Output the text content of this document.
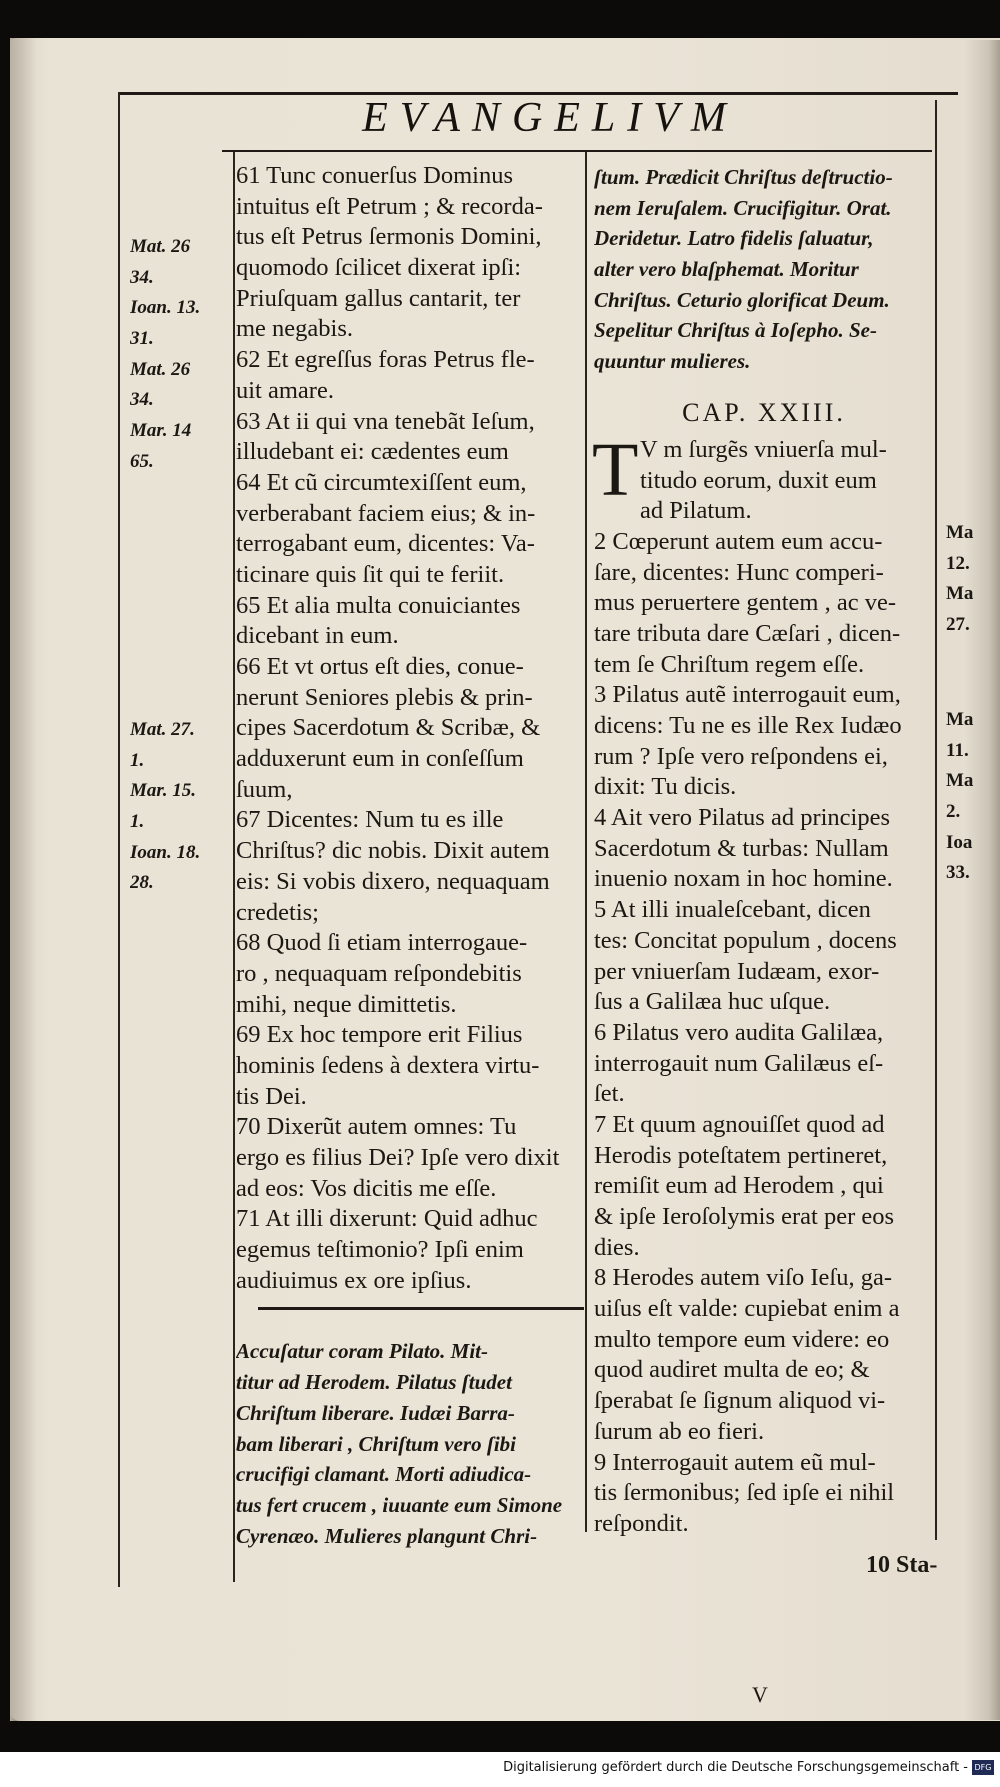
EVANGELIVM
61 Tunc conuerſus Dominus
intuitus eſt Petrum ; & recorda-
tus eſt Petrus ſermonis Domini,
quomodo ſcilicet dixerat ipſi:
Priuſquam gallus cantarit, ter
me negabis.
62 Et egreſſus foras Petrus fle-
uit amare.
63 At ii qui vna tenebãt Ieſum,
illudebant ei: cædentes eum
64 Et cũ circumtexiſſent eum,
verberabant faciem eius; & in-
terrogabant eum, dicentes: Va-
ticinare quis ſit qui te feriit.
65 Et alia multa conuiciantes
dicebant in eum.
66 Et vt ortus eſt dies, conue-
nerunt Seniores plebis & prin-
cipes Sacerdotum & Scribæ, &
adduxerunt eum in conſeſſum
ſuum,
67 Dicentes: Num tu es ille
Chriſtus? dic nobis. Dixit autem
eis: Si vobis dixero, nequaquam
credetis;
68 Quod ſi etiam interrogaue-
ro , nequaquam reſpondebitis
mihi, neque dimittetis.
69 Ex hoc tempore erit Filius
hominis ſedens à dextera virtu-
tis Dei.
70 Dixerũt autem omnes: Tu
ergo es filius Dei? Ipſe vero dixit
ad eos: Vos dicitis me eſſe.
71 At illi dixerunt: Quid adhuc
egemus teſtimonio? Ipſi enim
audiuimus ex ore ipſius.
Accuſatur coram Pilato. Mit-
titur ad Herodem. Pilatus ſtudet
Chriſtum liberare. Iudæi Barra-
bam liberari , Chriſtum vero ſibi
crucifigi clamant. Morti adiudica-
tus fert crucem , iuuante eum Simone
Cyrenæo. Mulieres plangunt Chri-
ſtum. Prædicit Chriſtus deſtructio-
nem Ieruſalem. Crucifigitur. Orat.
Deridetur. Latro fidelis ſaluatur,
alter vero blaſphemat. Moritur
Chriſtus. Ceturio glorificat Deum.
Sepelitur Chriſtus à Ioſepho. Se-
quuntur mulieres.
CAP. XXIII.
T V m ſurgẽs vniuerſa mul-
titudo eorum, duxit eum
ad Pilatum.
2 Cœperunt autem eum accu-
ſare, dicentes: Hunc comperi-
mus peruertere gentem , ac ve-
tare tributa dare Cæſari , dicen-
tem ſe Chriſtum regem eſſe.
3 Pilatus autẽ interrogauit eum,
dicens: Tu ne es ille Rex Iudæo
rum ? Ipſe vero reſpondens ei,
dixit: Tu dicis.
4 Ait vero Pilatus ad principes
Sacerdotum & turbas: Nullam
inuenio noxam in hoc homine.
5 At illi inualeſcebant, dicen
tes: Concitat populum , docens
per vniuerſam Iudæam, exor-
ſus a Galilæa huc uſque.
6 Pilatus vero audita Galilæa,
interrogauit num Galilæus eſ-
ſet.
7 Et quum agnouiſſet quod ad
Herodis poteſtatem pertineret,
remiſit eum ad Herodem , qui
& ipſe Ieroſolymis erat per eos
dies.
8 Herodes autem viſo Ieſu, ga-
uiſus eſt valde: cupiebat enim a
multo tempore eum videre: eo
quod audiret multa de eo; &
ſperabat ſe ſignum aliquod vi-
ſurum ab eo fieri.
9 Interrogauit autem eũ mul-
tis ſermonibus; ſed ipſe ei nihil
reſpondit.
Mat. 26
34.
Ioan. 13.
31.
Mat. 26
34.
Mar. 14
65.
Mat. 27.
1.
Mar. 15.
1.
Ioan. 18.
28.
Ma
12.
Ma
27.
Ma
11.
Ma
2.
Ioa
33.
10 Sta-
V
Digitalisierung gefördert durch die Deutsche Forschungsgemeinschaft - DFG
